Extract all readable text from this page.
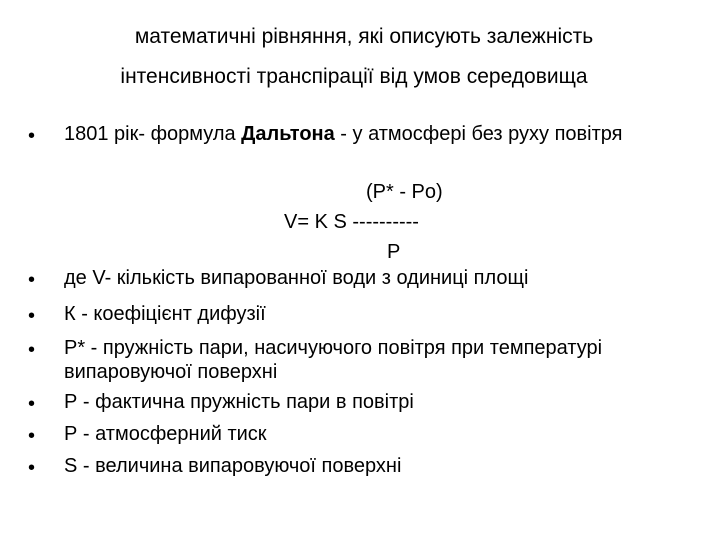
математичні рівняння, які описують залежність
інтенсивності транспірації від умов середовища
•	1801 рік- формула Дальтона - у атмосфері без руху повітря
(P* - Po)
V= K S ----------
P
•	де V- кількість випарованної води з одиниці площі
•	К - коефіцієнт дифузії
•	Р* - пружність пари, насичуючого повітря при температурі випаровуючої поверхні
•	Р - фактична пружність пари в повітрі
•	Р - атмосферний тиск
•	S - величина випаровуючої поверхні
